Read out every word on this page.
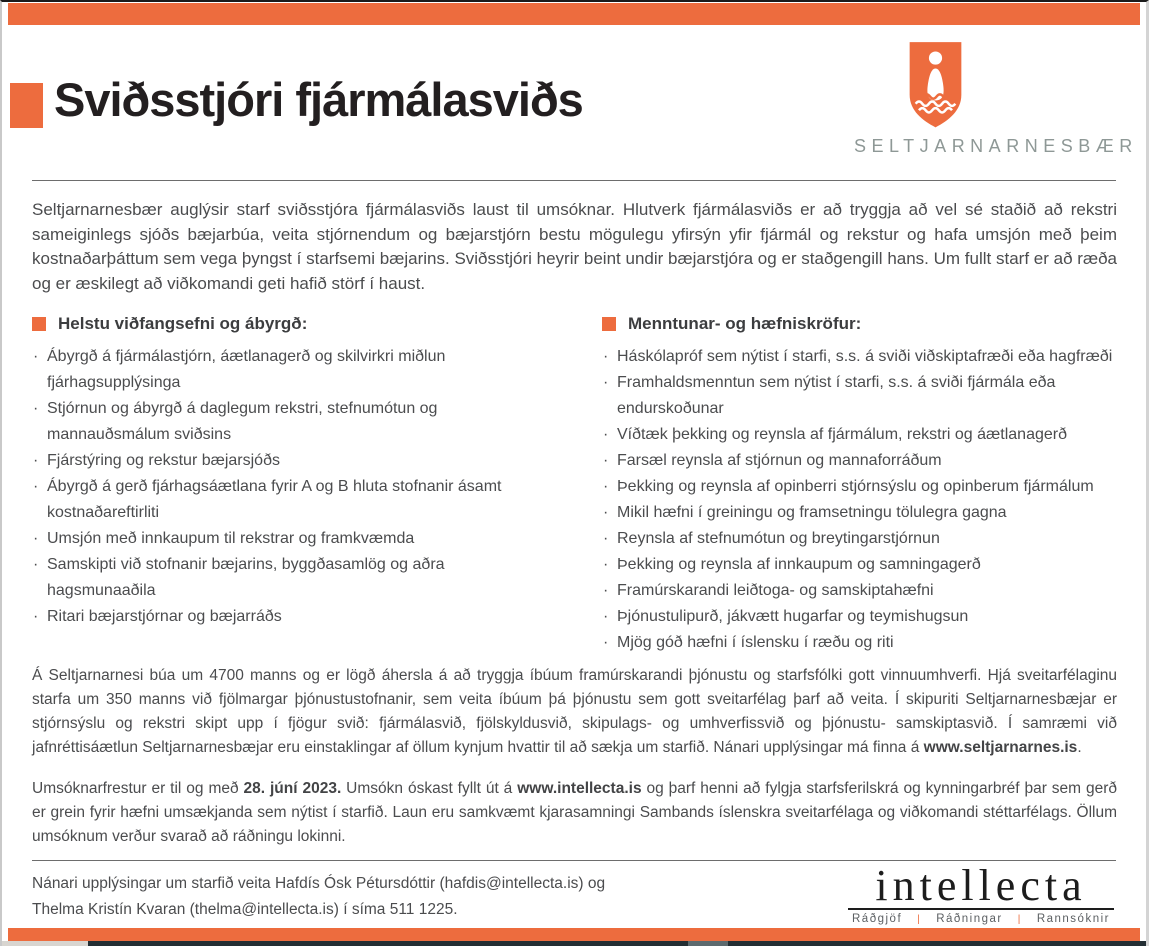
Sviðsstjóri fjármálasviðs
SELTJARNARNESBÆR

Seltjarnarnesbær auglýsir starf sviðsstjóra fjármálasviðs laust til umsóknar. Hlutverk fjármálasviðs er að tryggja að vel sé staðið að rekstri sameiginlegs sjóðs bæjarbúa, veita stjórnendum og bæjarstjórn bestu mögulegu yfirsýn yfir fjármál og rekstur og hafa umsjón með þeim kostnaðarþáttum sem vega þyngst í starfsemi bæjarins. Sviðsstjóri heyrir beint undir bæjarstjóra og er staðgengill hans. Um fullt starf er að ræða og er æskilegt að viðkomandi geti hafið störf í haust.

Helstu viðfangsefni og ábyrgð:
· Ábyrgð á fjármálastjórn, áætlanagerð og skilvirkri miðlun fjárhagsupplýsinga
· Stjórnun og ábyrgð á daglegum rekstri, stefnumótun og mannauðsmálum sviðsins
· Fjárstýring og rekstur bæjarsjóðs
· Ábyrgð á gerð fjárhagsáætlana fyrir A og B hluta stofnanir ásamt kostnaðareftirliti
· Umsjón með innkaupum til rekstrar og framkvæmda
· Samskipti við stofnanir bæjarins, byggðasamlög og aðra hagsmunaaðila
· Ritari bæjarstjórnar og bæjarráðs
Menntunar- og hæfniskröfur:
· Háskólapróf sem nýtist í starfi, s.s. á sviði viðskiptafræði eða hagfræði
· Framhaldsmenntun sem nýtist í starfi, s.s. á sviði fjármála eða endurskoðunar
· Víðtæk þekking og reynsla af fjármálum, rekstri og áætlanagerð
· Farsæl reynsla af stjórnun og mannaforráðum
· Þekking og reynsla af opinberri stjórnsýslu og opinberum fjármálum
· Mikil hæfni í greiningu og framsetningu tölulegra gagna
· Reynsla af stefnumótun og breytingarstjórnun
· Þekking og reynsla af innkaupum og samningagerð
· Framúrskarandi leiðtoga- og samskiptahæfni
· Þjónustulipurð, jákvætt hugarfar og teymishugsun
· Mjög góð hæfni í íslensku í ræðu og riti

Á Seltjarnarnesi búa um 4700 manns og er lögð áhersla á að tryggja íbúum framúrskarandi þjónustu og starfsfólki gott vinnuumhverfi. Hjá sveitarfélaginu starfa um 350 manns við fjölmargar þjónustustofnanir, sem veita íbúum þá þjónustu sem gott sveitarfélag þarf að veita. Í skipuriti Seltjarnarnesbæjar er stjórnsýslu og rekstri skipt upp í fjögur svið: fjármálasvið, fjölskyldusvið, skipulags- og umhverfissvið og þjónustu- samskiptasvið. Í samræmi við jafnréttisáætlun Seltjarnarnesbæjar eru einstaklingar af öllum kynjum hvattir til að sækja um starfið. Nánari upplýsingar má finna á www.seltjarnarnes.is.

Umsóknarfrestur er til og með 28. júní 2023. Umsókn óskast fyllt út á www.intellecta.is og þarf henni að fylgja starfsferilskrá og kynningarbréf þar sem gerð er grein fyrir hæfni umsækjanda sem nýtist í starfið. Laun eru samkvæmt kjarasamningi Sambands íslenskra sveitarfélaga og viðkomandi stéttarfélags. Öllum umsóknum verður svarað að ráðningu lokinni.

Nánari upplýsingar um starfið veita Hafdís Ósk Pétursdóttir (hafdis@intellecta.is) og
Thelma Kristín Kvaran (thelma@intellecta.is) í síma 511 1225.	intellecta
Ráðgjöf | Ráðningar | Rannsóknir
